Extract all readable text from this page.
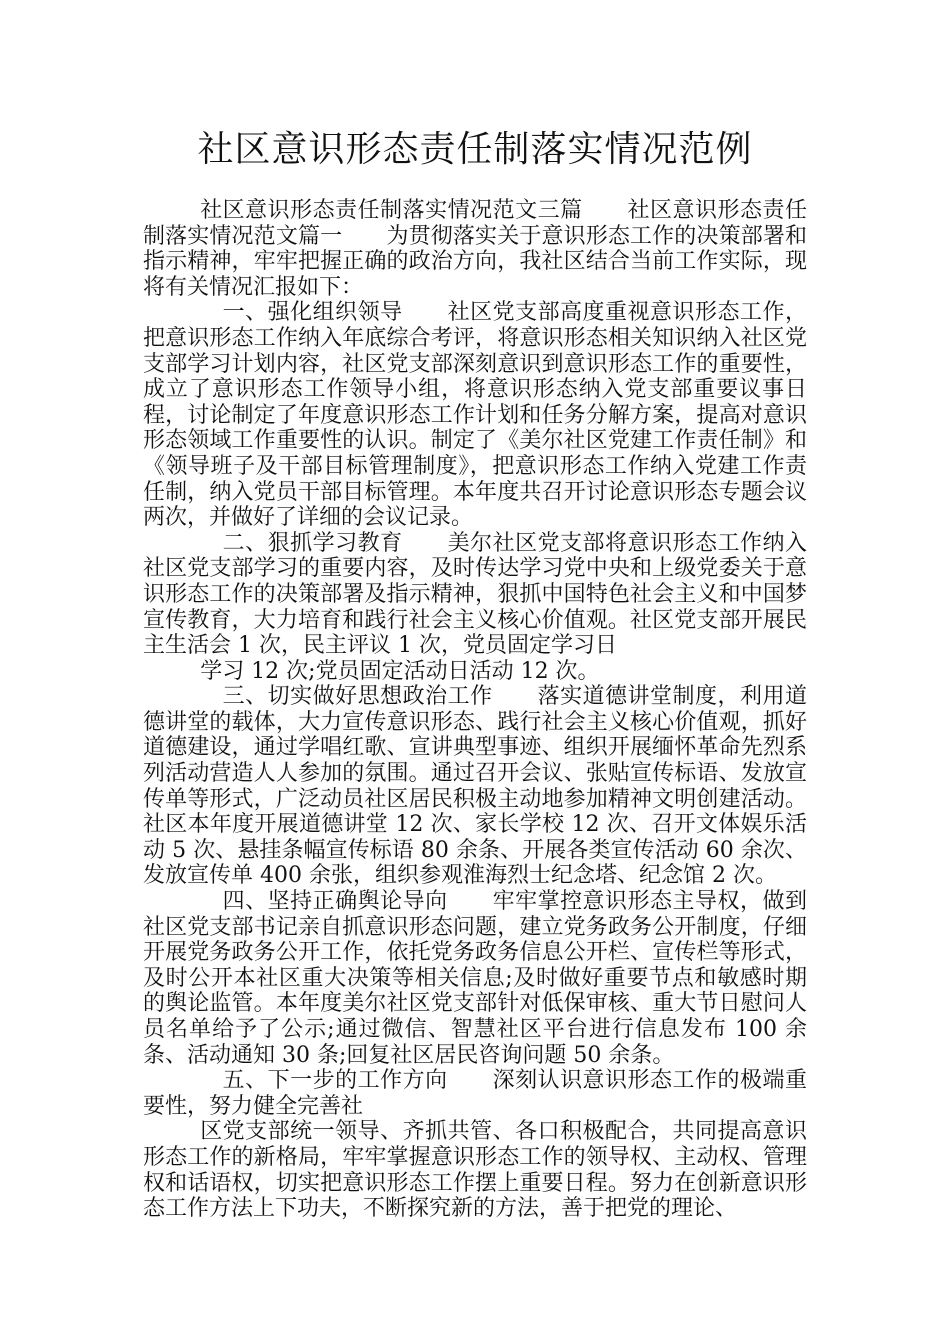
社区意识形态责任制落实情况范例

社区意识形态责任制落实情况范文三篇　　社区意识形态责任制落实情况范文篇一　　为贯彻落实关于意识形态工作的决策部署和指示精神，牢牢把握正确的政治方向，我社区结合当前工作实际，现将有关情况汇报如下：

　一、强化组织领导　　社区党支部高度重视意识形态工作，把意识形态工作纳入年底综合考评，将意识形态相关知识纳入社区党支部学习计划内容，社区党支部深刻意识到意识形态工作的重要性，成立了意识形态工作领导小组，将意识形态纳入党支部重要议事日程，讨论制定了年度意识形态工作计划和任务分解方案，提高对意识形态领域工作重要性的认识。制定了《美尔社区党建工作责任制》和《领导班子及干部目标管理制度》，把意识形态工作纳入党建工作责任制，纳入党员干部目标管理。本年度共召开讨论意识形态专题会议两次，并做好了详细的会议记录。

　二、狠抓学习教育　　美尔社区党支部将意识形态工作纳入社区党支部学习的重要内容，及时传达学习党中央和上级党委关于意识形态工作的决策部署及指示精神，狠抓中国特色社会主义和中国梦宣传教育，大力培育和践行社会主义核心价值观。社区党支部开展民主生活会 1 次，民主评议 1 次，党员固定学习日

学习 12 次;党员固定活动日活动 12 次。

　三、切实做好思想政治工作　　落实道德讲堂制度，利用道德讲堂的载体，大力宣传意识形态、践行社会主义核心价值观，抓好道德建设，通过学唱红歌、宣讲典型事迹、组织开展缅怀革命先烈系列活动营造人人参加的氛围。通过召开会议、张贴宣传标语、发放宣传单等形式，广泛动员社区居民积极主动地参加精神文明创建活动。社区本年度开展道德讲堂 12 次、家长学校 12 次、召开文体娱乐活动 5 次、悬挂条幅宣传标语 80 余条、开展各类宣传活动 60 余次、发放宣传单 400 余张，组织参观淮海烈士纪念塔、纪念馆 2 次。

　四、坚持正确舆论导向　　牢牢掌控意识形态主导权，做到社区党支部书记亲自抓意识形态问题，建立党务政务公开制度，仔细开展党务政务公开工作，依托党务政务信息公开栏、宣传栏等形式，及时公开本社区重大决策等相关信息;及时做好重要节点和敏感时期的舆论监管。本年度美尔社区党支部针对低保审核、重大节日慰问人员名单给予了公示;通过微信、智慧社区平台进行信息发布 100 余条、活动通知 30 条;回复社区居民咨询问题 50 余条。

　五、下一步的工作方向　　深刻认识意识形态工作的极端重要性，努力健全完善社

区党支部统一领导、齐抓共管、各口积极配合，共同提高意识形态工作的新格局，牢牢掌握意识形态工作的领导权、主动权、管理权和话语权，切实把意识形态工作摆上重要日程。努力在创新意识形态工作方法上下功夫，不断探究新的方法，善于把党的理论、
